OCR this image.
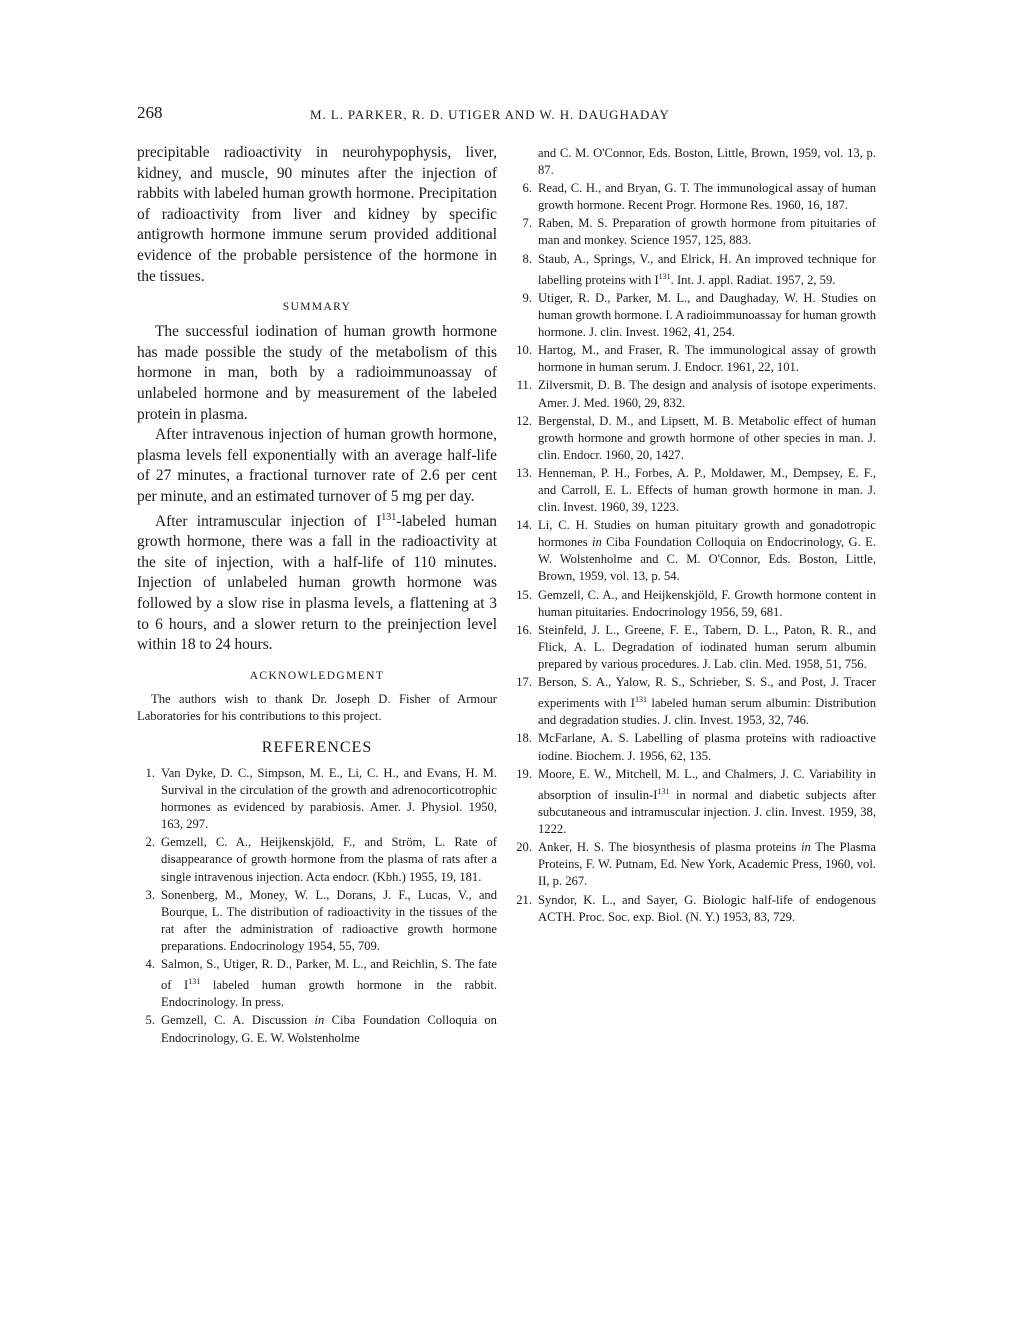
268	M. L. PARKER, R. D. UTIGER AND W. H. DAUGHADAY

precipitable radioactivity in neurohypophysis, liver, kidney, and muscle, 90 minutes after the injection of rabbits with labeled human growth hormone. Precipitation of radioactivity from liver and kidney by specific antigrowth hormone immune serum provided additional evidence of the probable persistence of the hormone in the tissues.

SUMMARY

The successful iodination of human growth hormone has made possible the study of the metabolism of this hormone in man, both by a radioimmunoassay of unlabeled hormone and by measurement of the labeled protein in plasma.

After intravenous injection of human growth hormone, plasma levels fell exponentially with an average half-life of 27 minutes, a fractional turnover rate of 2.6 per cent per minute, and an estimated turnover of 5 mg per day.

After intramuscular injection of $I^{131}$-labeled human growth hormone, there was a fall in the radioactivity at the site of injection, with a half-life of 110 minutes. Injection of unlabeled human growth hormone was followed by a slow rise in plasma levels, a flattening at 3 to 6 hours, and a slower return to the preinjection level within 18 to 24 hours.

ACKNOWLEDGMENT

The authors wish to thank Dr. Joseph D. Fisher of Armour Laboratories for his contributions to this project.

REFERENCES
1. Van Dyke, D. C., Simpson, M. E., Li, C. H., and Evans, H. M. Survival in the circulation of the growth and adrenocorticotrophic hormones as evidenced by parabiosis. Amer. J. Physiol. 1950, 163, 297.
2. Gemzell, C. A., Heijkenskjöld, F., and Ström, L. Rate of disappearance of growth hormone from the plasma of rats after a single intravenous injection. Acta endocr. (Kbh.) 1955, 19, 181.
3. Sonenberg, M., Money, W. L., Dorans, J. F., Lucas, V., and Bourque, L. The distribution of radioactivity in the tissues of the rat after the administration of radioactive growth hormone preparations. Endocrinology 1954, 55, 709.
4. Salmon, S., Utiger, R. D., Parker, M. L., and Reichlin, S. The fate of $I^{131}$ labeled human growth hormone in the rabbit. Endocrinology. In press.
5. Gemzell, C. A. Discussion in Ciba Foundation Colloquia on Endocrinology, G. E. W. Wolstenholme
and C. M. O'Connor, Eds. Boston, Little, Brown, 1959, vol. 13, p. 87.
6. Read, C. H., and Bryan, G. T. The immunological assay of human growth hormone. Recent Progr. Hormone Res. 1960, 16, 187.
7. Raben, M. S. Preparation of growth hormone from pituitaries of man and monkey. Science 1957, 125, 883.
8. Staub, A., Springs, V., and Elrick, H. An improved technique for labelling proteins with $I^{131}$. Int. J. appl. Radiat. 1957, 2, 59.
9. Utiger, R. D., Parker, M. L., and Daughaday, W. H. Studies on human growth hormone. I. A radioimmunoassay for human growth hormone. J. clin. Invest. 1962, 41, 254.
10. Hartog, M., and Fraser, R. The immunological assay of growth hormone in human serum. J. Endocr. 1961, 22, 101.
11. Zilversmit, D. B. The design and analysis of isotope experiments. Amer. J. Med. 1960, 29, 832.
12. Bergenstal, D. M., and Lipsett, M. B. Metabolic effect of human growth hormone and growth hormone of other species in man. J. clin. Endocr. 1960, 20, 1427.
13. Henneman, P. H., Forbes, A. P., Moldawer, M., Dempsey, E. F., and Carroll, E. L. Effects of human growth hormone in man. J. clin. Invest. 1960, 39, 1223.
14. Li, C. H. Studies on human pituitary growth and gonadotropic hormones in Ciba Foundation Colloquia on Endocrinology, G. E. W. Wolstenholme and C. M. O'Connor, Eds. Boston, Little, Brown, 1959, vol. 13, p. 54.
15. Gemzell, C. A., and Heijkenskjöld, F. Growth hormone content in human pituitaries. Endocrinology 1956, 59, 681.
16. Steinfeld, J. L., Greene, F. E., Tabern, D. L., Paton, R. R., and Flick, A. L. Degradation of iodinated human serum albumin prepared by various procedures. J. Lab. clin. Med. 1958, 51, 756.
17. Berson, S. A., Yalow, R. S., Schrieber, S. S., and Post, J. Tracer experiments with $I^{131}$ labeled human serum albumin: Distribution and degradation studies. J. clin. Invest. 1953, 32, 746.
18. McFarlane, A. S. Labelling of plasma proteins with radioactive iodine. Biochem. J. 1956, 62, 135.
19. Moore, E. W., Mitchell, M. L., and Chalmers, J. C. Variability in absorption of insulin-$I^{131}$ in normal and diabetic subjects after subcutaneous and intramuscular injection. J. clin. Invest. 1959, 38, 1222.
20. Anker, H. S. The biosynthesis of plasma proteins in The Plasma Proteins, F. W. Putnam, Ed. New York, Academic Press, 1960, vol. II, p. 267.
21. Syndor, K. L., and Sayer, G. Biologic half-life of endogenous ACTH. Proc. Soc. exp. Biol. (N. Y.) 1953, 83, 729.
